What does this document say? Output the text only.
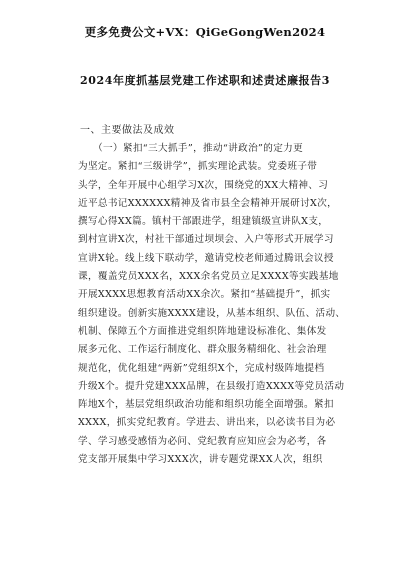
更多免费公文+VX：QiGeGongWen2024
2024年度抓基层党建工作述职和述责述廉报告3
一、主要做法及成效
　　（一）紧扣“三大抓手”，推动“讲政治”的定力更
为坚定。紧扣“三级讲学”，抓实理论武装。党委班子带
头学，全年开展中心组学习X次，围绕党的XX大精神、习
近平总书记XXXXXX精神及省市县全会精神开展研讨X次，
撰写心得XX篇。镇村干部跟进学，组建镇级宣讲队X支，
到村宣讲X次，村社干部通过坝坝会、入户等形式开展学习
宣讲X轮。线上线下联动学，邀请党校老师通过腾讯会议授
课，覆盖党员XXX名，XXX余名党员立足XXXX等实践基地
开展XXXX思想教育活动XX余次。紧扣“基础提升”，抓实
组织建设。创新实施XXXX建设，从基本组织、队伍、活动、
机制、保障五个方面推进党组织阵地建设标准化、集体发
展多元化、工作运行制度化、群众服务精细化、社会治理
规范化，优化组建“两新”党组织X个，完成村级阵地提档
升级X个。提升党建XXX品牌，在县级打造XXXX等党员活动
阵地X个，基层党组织政治功能和组织功能全面增强。紧扣
XXXX，抓实党纪教育。学进去、讲出来，以必读书目为必
学、学习感受感悟为必问、党纪教育应知应会为必考，各
党支部开展集中学习XXX次，讲专题党课XX人次，组织
